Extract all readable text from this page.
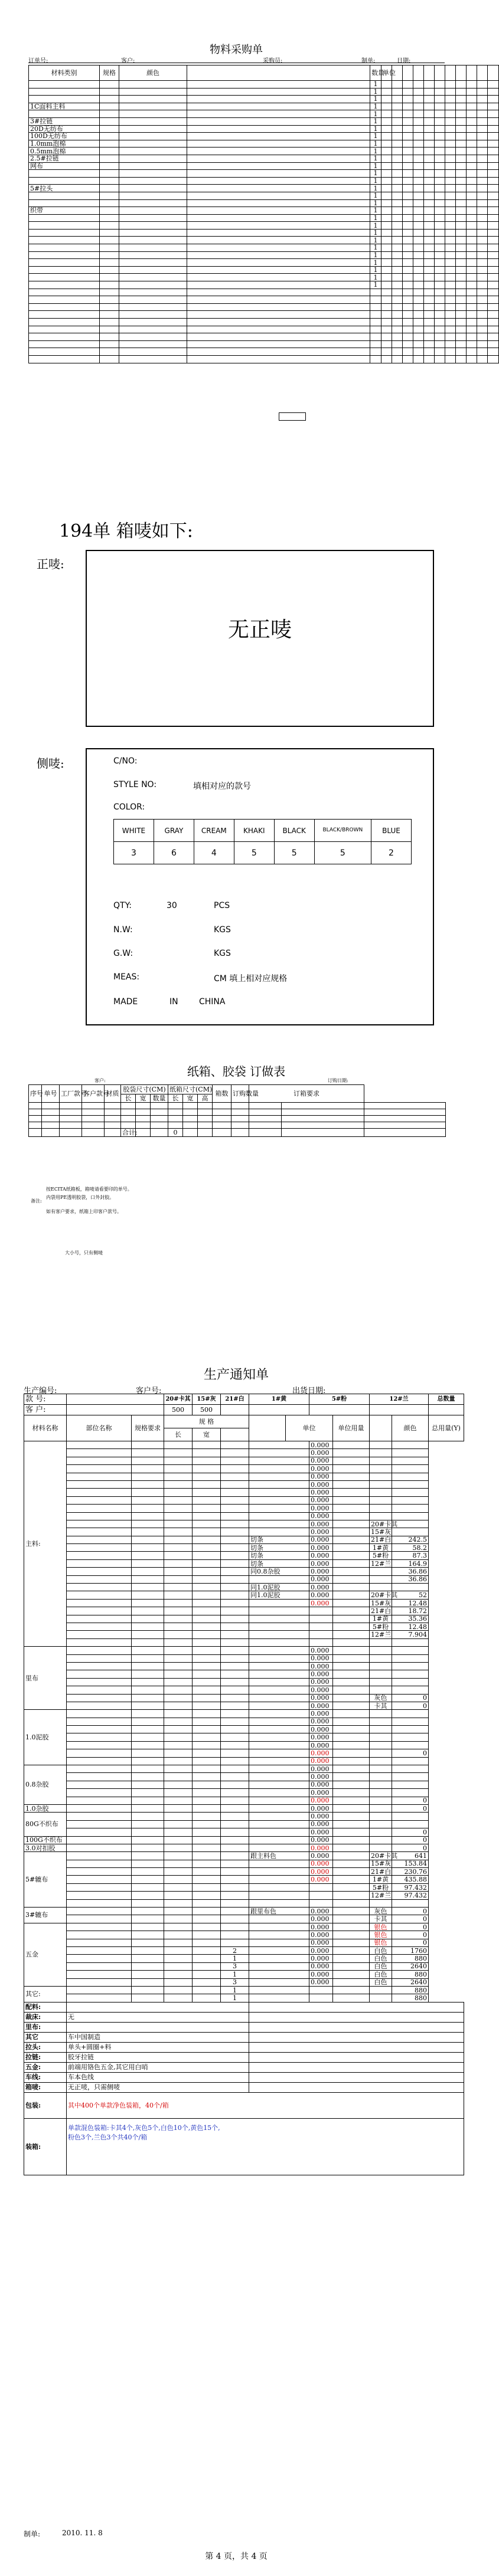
物料采购单
订单号:	客户:	采购员:	制单:	日期:
材料类别	规格	颜色		数量	单位										
				1											
				1											
				1											
1C面料主料				1											
				1											
3#拉链				1											
20D无纺布				1											
100D无纺布				1											
1.0mm泡棉				1											
0.5mm泡棉				1											
2.5#拉链				1											
网布				1											
				1											
				1											
5#拉头				1											
				1											
				1											
织带				1											
				1											
				1											
				1											
				1											
				1											
				1											
				1											
				1											
				1											
				1											

194单 箱唛如下:
正唛:
无正唛
侧唛:	C/NO:
STYLE NO:	填相对应的款号
COLOR:
WHITE	GRAY	CREAM	KHAKI	BLACK	BLACK/BROWN	BLUE
3	6	4	5	5	5	2
QTY:	30	PCS
N.W:	KGS
G.W:	KGS
MEAS:	CM 填上相对应规格
MADE	IN	CHINA
纸箱、胶袋 订做表
客户:	订购日期:
序号	单号	工厂款号	客户款号	材质	胶袋尺寸(CM)			纸箱尺寸(CM)			箱数	订购数量	订箱要求		
					长	宽	数量	长	宽	高					

					合计:			0							
备注:
按ECITA纸箱板，箱唛请看要印的单号。
内袋用PE透明胶袋，口外封胶。
如有客户要求，纸箱上印客户款号。
大小号，只有侧唛
生产通知单
生产编号:	客户号:	出货日期:
款 号:			20#卡其	15#灰	21#白	1#黄		5#粉		12#兰		总数量
客 户:			500	500								
材料名称	部位名称	规格要求	规 格				单位		单位用量		颜色	总用量(Y)
			长	宽								
主料:								0.000				
								0.000				
								0.000				
								0.000				
								0.000				
								0.000				
								0.000				
								0.000				
								0.000				
								0.000				
								0.000		20#卡其		
								0.000		15#灰		
						切条		0.000		21#白	242.5	
						切条		0.000		1#黄	58.2	
						切条		0.000		5#粉	87.3	
						切条		0.000		12#兰	164.9	
						同0.8杂胶		0.000			36.86	
								0.000			36.86	
						同1.0泥胶		0.000				
						同1.0泥胶		0.000		20#卡其	52	
								0.000		15#灰	12.48	
										21#白	18.72	
										1#黄	35.36	
										5#粉	12.48	
										12#兰	7.904	

里布								0.000				
								0.000				
								0.000				
								0.000				
								0.000				
								0.000				
								0.000		灰色	0	
								0.000		卡其	0	
1.0泥胶								0.000				
								0.000				
								0.000				
								0.000				
								0.000				
								0.000			0	
								0.000				
0.8杂胶								0.000				
								0.000				
								0.000				
								0.000				
								0.000			0	
1.0杂胶								0.000			0	
80G不织布								0.000				
								0.000				
								0.000			0	
100G不织布								0.000			0	
3.0对扣胶								0.000			0	
5#辘布						跟主料色		0.000		20#卡其	641	
								0.000		15#灰	153.84	
								0.000		21#白	230.76	
								0.000		1#黄	435.88	
										5#粉	97.432	
										12#兰	97.432	

3#辘布						跟里布色		0.000		灰色	0	
								0.000		卡其	0	
五金								0.000		银色	0	
								0.000		银色	0	
								0.000		银色	0	
					2			0.000		白色	1760	
					1			0.000		白色	880	
					3			0.000		白色	2640	
					1			0.000		白色	880	
					3			0.000		白色	2640	
其它:					1						880	
					1						880	
配料:												
裁床:	无											
里布:												
其它	车中国制造											
拉头:	单头+圆圈+料											
拉链:	胶牙拉链											
五金:	前端用铬色五金,其它用白哨											
车线:	车本色线											
箱唛:	无正唛，只需侧唛											
包装:	其中400个单款净色装箱，40个/箱											
装箱:	单款混色装箱:卡其4个,灰色5个,白色10个,黄色15个,
粉色3个,兰色3个共40个/箱											
制单:	2010. 11. 8
第 4 页，共 4 页
